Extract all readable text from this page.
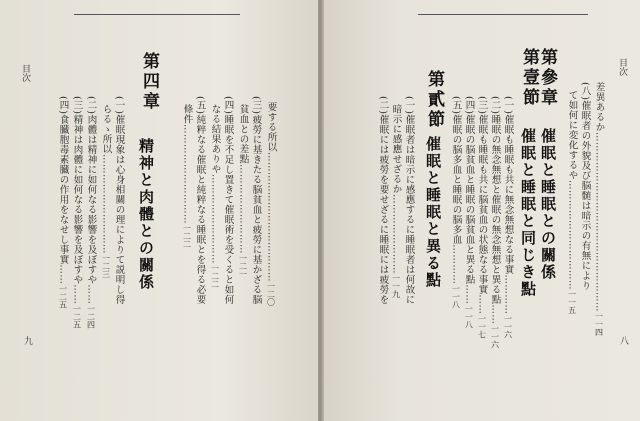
目次
八
差異あるか………………………………………………一一四
(八)催眠者の外貌及び脳髄は暗示の有無により
て如何に変化するや……………………………一一五
第參章
第壹節
催眠と睡眠との關係
催眠と睡眠と同じき點
(一)催眠も睡眠も共に無念無想なる事實…………一一六
(二)睡眠の無念無想と催眠の無念無想と異る點……一一六
(三)催眠も睡眠も共に脳貧血の状態なる事實……一一七
(四)催眠の脳貧血と睡眠の脳貧血と異る點……一一八
(五)催眠の脳多血と睡眠の脳多血…………一一八
第貳節
催眠と睡眠と異る點
(一)催眠者は暗示に感應するに睡眠者は何故に
暗示に感應せざるか……………………一一九
(二)催眠には疲勞を要せざるに睡眠には疲勞を
目次
九
要する所以…………………………………一二〇
(三)疲勞に基きたる脳貧血と疲勞に基かざる脳
貧血との差點………………………一二一
(四)睡眠を不足し置きて催眠術を受くると如何
なる結果ありや………………………一二二
(五)純粹なる催眠と純粹なる睡眠とを得る必要
條件…………………………一二二
第四章
精神と肉體との關係
(一)催眠現象は心身相關の理によりて説明し得
らるゝ所以…………………………一二三
(二)肉體は精神に如何なる影響を及ぼすや……一二四
(三)精神は肉體に如何なる影響を及ぼすや……一二五
(四)食臓胞毒素臓の作用をなせし事實……一二五
